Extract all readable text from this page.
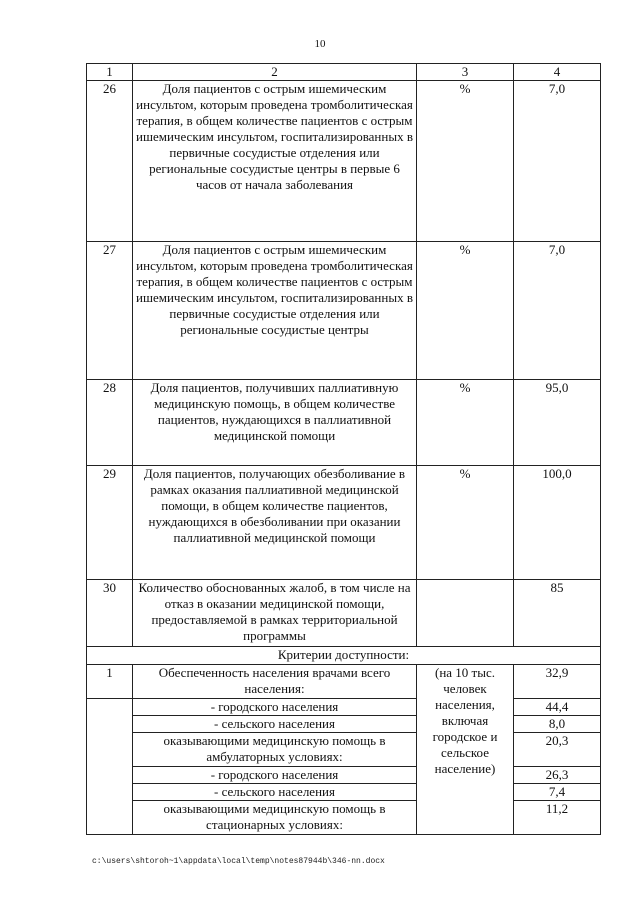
10
1	2	3	4
26	Доля пациентов с острым ишемическим инсультом, которым проведена тромболитическая терапия, в общем количестве пациентов с острым ишемическим инсультом, госпитализированных в первичные сосудистые отделения или региональные сосудистые центры в первые 6 часов от начала заболевания	%	7,0
27	Доля пациентов с острым ишемическим инсультом, которым проведена тромболитическая терапия, в общем количестве пациентов с острым ишемическим инсультом, госпитализированных в первичные сосудистые отделения или региональные сосудистые центры	%	7,0
28	Доля пациентов, получивших паллиативную медицинскую помощь, в общем количестве пациентов, нуждающихся в паллиативной медицинской помощи	%	95,0
29	Доля пациентов, получающих обезболивание в рамках оказания паллиативной медицинской помощи, в общем количестве пациентов, нуждающихся в обезболивании при оказании паллиативной медицинской помощи	%	100,0
30	Количество обоснованных жалоб, в том числе на отказ в оказании медицинской помощи, предоставляемой в рамках территориальной программы		85
Критерии доступности:			
1	Обеспеченность населения врачами всего населения:	(на 10 тыс. человек населения, включая городское и сельское население)	32,9
	- городского населения		44,4
	- сельского населения		8,0
	оказывающими медицинскую помощь в амбулаторных условиях:		20,3
	- городского населения		26,3
	- сельского населения		7,4
	оказывающими медицинскую помощь в стационарных условиях:		11,2
c:\users\shtoroh~1\appdata\local\temp\notes87944b\346-nn.docx
